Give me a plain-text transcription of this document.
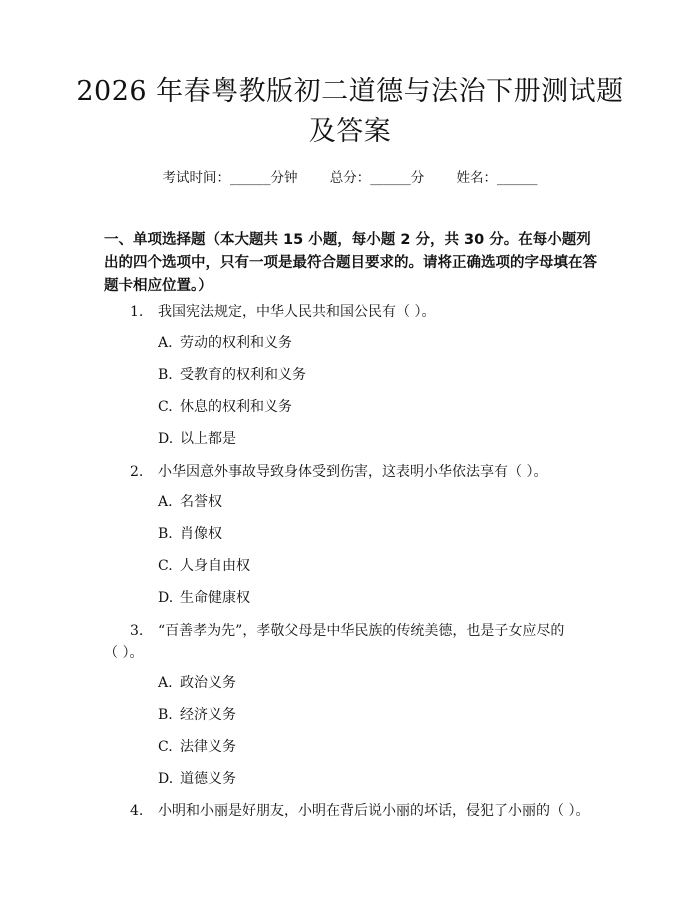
2026 年春粤教版初二道德与法治下册测试题
及答案
考试时间：______分钟 总分：______分 姓名：______
一、单项选择题（本大题共 15 小题，每小题 2 分，共 30 分。在每小题列出的四个选项中，只有一项是最符合题目要求的。请将正确选项的字母填在答题卡相应位置。）
1. 我国宪法规定，中华人民共和国公民有（ ）。
A. 劳动的权利和义务
B. 受教育的权利和义务
C. 休息的权利和义务
D. 以上都是
2. 小华因意外事故导致身体受到伤害，这表明小华依法享有（ ）。
A. 名誉权
B. 肖像权
C. 人身自由权
D. 生命健康权
3. “百善孝为先”，孝敬父母是中华民族的传统美德，也是子女应尽的
（ ）。
A. 政治义务
B. 经济义务
C. 法律义务
D. 道德义务
4. 小明和小丽是好朋友，小明在背后说小丽的坏话，侵犯了小丽的（ ）。
